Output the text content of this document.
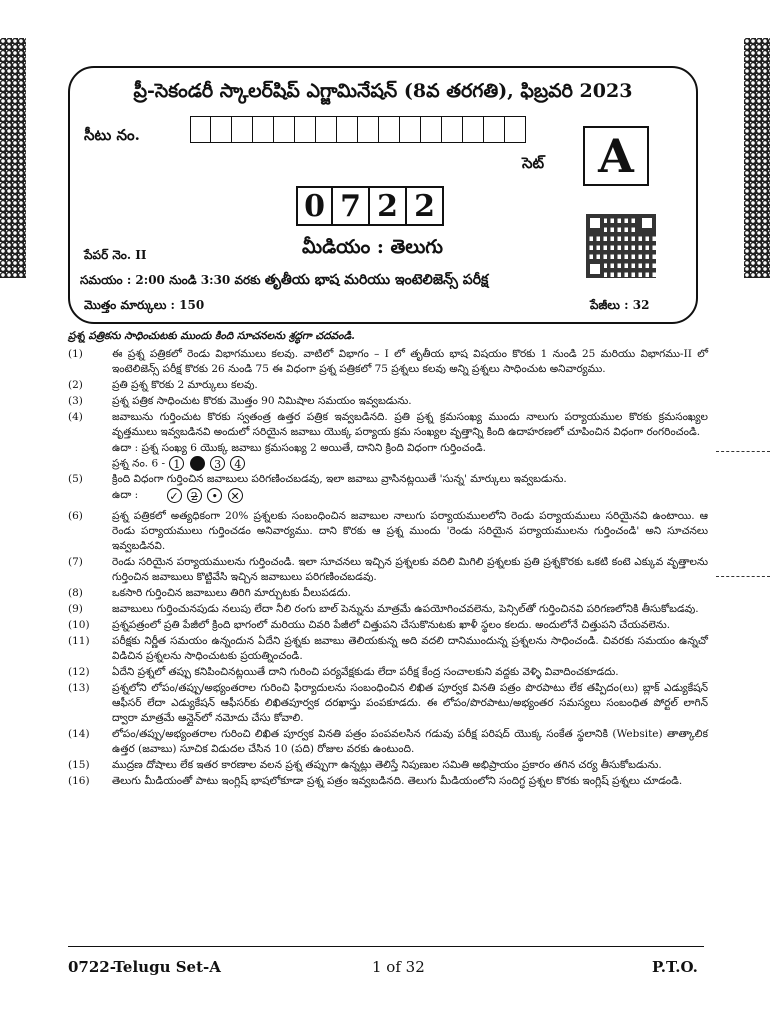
ప్రీ-సెకండరీ స్కాలర్‌షిప్ ఎగ్జామినేషన్ (8వ తరగతి), ఫిబ్రవరి 2023
సీటు నం.
సెట్	A
0 7 2 2
పేపర్ నెం. II	మీడియం : తెలుగు
సమయం : 2:00 నుండి 3:30 వరకు తృతీయ భాష మరియు ఇంటెలిజెన్స్ పరీక్ష
మొత్తం మార్కులు : 150	పేజీలు : 32
ప్రశ్న పత్రికను సాధించుటకు ముందు కింది సూచనలను శ్రద్ధగా చదవండి.
(1)	ఈ ప్రశ్న పత్రికలో రెండు విభాగములు కలవు. వాటిలో విభాగం – I లో తృతీయ భాష విషయం కొరకు 1 నుండి 25 మరియు విభాగము-II లో ఇంటెలిజెన్స్ పరీక్ష కొరకు 26 నుండి 75 ఈ విధంగా ప్రశ్న పత్రికలో 75 ప్రశ్నలు కలవు అన్ని ప్రశ్నలు సాధించుట అనివార్యము.
(2)	ప్రతి ప్రశ్న కొరకు 2 మార్కులు కలవు.
(3)	ప్రశ్న పత్రిక సాధించుట కొరకు మొత్తం 90 నిమిషాల సమయం ఇవ్వబడును.
(4)	జవాబును గుర్తించుట కొరకు స్వతంత్ర ఉత్తర పత్రిక ఇవ్వబడినది. ప్రతి ప్రశ్న క్రమసంఖ్య ముందు నాలుగు పర్యాయముల కొరకు క్రమసంఖ్యల వృత్తములు ఇవ్వబడినవి అందులో సరియైన జవాబు యొక్క పర్యాయ క్రమ సంఖ్యల వృత్తాన్ని కింది ఉదాహరణలో చూపించిన విధంగా రంగరించండి.
ఉదా : ప్రశ్న సంఖ్య 6 యొక్క జవాబు క్రమసంఖ్య 2 అయితే, దానిని క్రింది విధంగా గుర్తించండి.
ప్రశ్న నం. 6 - 1	3 4
(5)	క్రింది విధంగా గుర్తించిన జవాబులు పరిగణించబడవు, ఇలా జవాబు వ్రాసినట్లయితే 'సున్న' మార్కులు ఇవ్వబడును.
ఉదా :	✓ 2 • ✕
(6)	ప్రశ్న పత్రికలో అత్యధికంగా 20% ప్రశ్నలకు సంబంధించిన జవాబుల నాలుగు పర్యాయములలోని రెండు పర్యాయములు సరియైనవి ఉంటాయి. ఆ రెండు పర్యాయములు గుర్తించడం అనివార్యము. దాని కొరకు ఆ ప్రశ్న ముందు 'రెండు సరియైన పర్యాయములను గుర్తించండి' అని సూచనలు ఇవ్వబడినవి.
(7)	రెండు సరియైన పర్యాయములను గుర్తించండి. ఇలా సూచనలు ఇచ్చిన ప్రశ్నలకు వదిలి మిగిలి ప్రశ్నలకు ప్రతి ప్రశ్నకొరకు ఒకటి కంటె ఎక్కువ వృత్తాలను గుర్తించిన జవాబులు కొట్టివేసి ఇచ్చిన జవాబులు పరిగణించబడవు.
(8)	ఒకసారి గుర్తించిన జవాబులు తిరిగి మార్చుటకు వీలుపడదు.
(9)	జవాబులు గుర్తించునపుడు నలుపు లేదా నీలి రంగు బాల్ పెన్నును మాత్రమే ఉపయోగించవలెను, పెన్సిల్‌తో గుర్తించినవి పరిగణలోనికి తీసుకోబడవు.
(10)	ప్రశ్నపత్రంలో ప్రతి పేజీలో క్రింది భాగంలో మరియు చివరి పేజీలో చిత్తుపని చేసుకొనుటకు ఖాళీ స్థలం కలదు. అందులోనే చిత్తుపని చేయవలెను.
(11)	పరీక్షకు నిర్ణీత సమయం ఉన్నందున ఏదేని ప్రశ్నకు జవాబు తెలియకున్న అది వదలి దానిముందున్న ప్రశ్నలను సాధించండి. చివరకు సమయం ఉన్నచో విడిచిన ప్రశ్నలను సాధించుటకు ప్రయత్నించండి.
(12)	ఏదేని ప్రశ్నలో తప్పు కనిపించినట్లయితే దాని గురించి పర్యవేక్షకుడు లేదా పరీక్ష కేంద్ర సంచాలకుని వద్దకు వెళ్ళి వివాదించకూడదు.
(13)	ప్రశ్నలోని లోపం/తప్పు/అభ్యంతరాల గురించి ఫిర్యాదులను సంబంధించిన లిఖిత పూర్వక వినతి పత్రం పొరపాటు లేక తప్పిదం(లు) బ్లాక్ ఎడ్యుకేషన్ ఆఫీసర్ లేదా ఎడ్యుకేషన్ ఆఫీసర్‌కు లిఖితపూర్వక దరఖాస్తు పంపకూడదు. ఈ లోపం/పొరపాటు/అభ్యంతర సమస్యలు సంబంధిత పోర్టల్ లాగిన్ ద్వారా మాత్రమే ఆన్లైన్‌లో నమోదు చేసు కోవాలి.
(14)	లోపం/తప్పు/అభ్యంతరాల గురించి లిఖిత పూర్వక వినతి పత్రం పంపవలసిన గడువు పరీక్ష పరిషద్ యొక్క సంకేత స్థలానికి (Website) తాత్కాలిక ఉత్తర (జవాబు) సూచిక విడుదల చేసిన 10 (పది) రోజుల వరకు ఉంటుంది.
(15)	ముద్రణ దోషాలు లేక ఇతర కారణాల వలన ప్రశ్న తప్పుగా ఉన్నట్లు తెలిస్తే నిపుణుల సమితి అభిప్రాయం ప్రకారం తగిన చర్య తీసుకోబడును.
(16)	తెలుగు మీడియంతో పాటు ఇంగ్లిష్ భాషలోకూడా ప్రశ్న పత్రం ఇవ్వబడినది. తెలుగు మీడియంలోని సందిగ్ధ ప్రశ్నల కొరకు ఇంగ్లిష్ ప్రశ్నలు చూడండి.
0722-Telugu Set-A	1 of 32	P.T.O.
